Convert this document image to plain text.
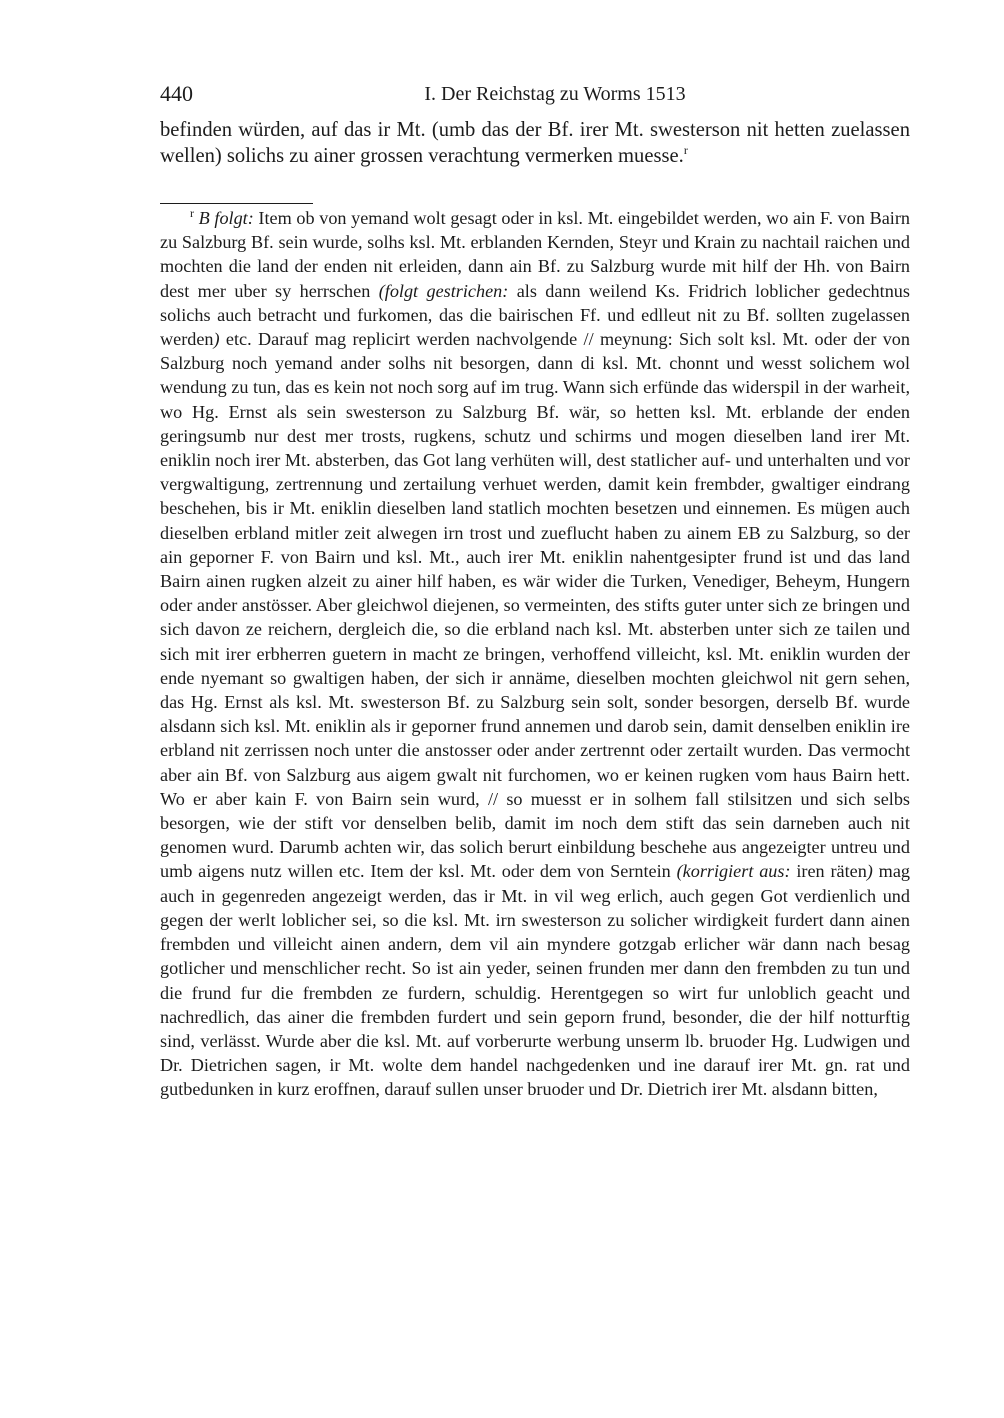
440	I. Der Reichstag zu Worms 1513

befinden würden, auf das ir Mt. (umb das der Bf. irer Mt. swesterson nit hetten zuelassen wellen) solichs zu ainer grossen verachtung vermerken muesse.$^r$

$^r$ B folgt: Item ob von yemand wolt gesagt oder in ksl. Mt. eingebildet werden, wo ain F. von Bairn zu Salzburg Bf. sein wurde, solhs ksl. Mt. erblanden Kernden, Steyr und Krain zu nachtail raichen und mochten die land der enden nit erleiden, dann ain Bf. zu Salzburg wurde mit hilf der Hh. von Bairn dest mer uber sy herrschen (folgt gestrichen: als dann weilend Ks. Fridrich loblicher gedechtnus solichs auch betracht und furkomen, das die bairischen Ff. und edlleut nit zu Bf. sollten zugelassen werden) etc. Darauf mag replicirt werden nachvolgende // meynung: Sich solt ksl. Mt. oder der von Salzburg noch yemand ander solhs nit besorgen, dann di ksl. Mt. chonnt und wesst solichem wol wendung zu tun, das es kein not noch sorg auf im trug. Wann sich erfünde das widerspil in der warheit, wo Hg. Ernst als sein swesterson zu Salzburg Bf. wär, so hetten ksl. Mt. erblande der enden geringsumb nur dest mer trosts, rugkens, schutz und schirms und mogen dieselben land irer Mt. eniklin noch irer Mt. absterben, das Got lang verhüten will, dest statlicher auf- und unterhalten und vor vergwaltigung, zertrennung und zertailung verhuet werden, damit kein frembder, gwaltiger eindrang beschehen, bis ir Mt. eniklin dieselben land statlich mochten besetzen und einnemen. Es mügen auch dieselben erbland mitler zeit alwegen irn trost und zueflucht haben zu ainem EB zu Salzburg, so der ain geporner F. von Bairn und ksl. Mt., auch irer Mt. eniklin nahentgesipter frund ist und das land Bairn ainen rugken alzeit zu ainer hilf haben, es wär wider die Turken, Venediger, Beheym, Hungern oder ander anstösser. Aber gleichwol diejenen, so vermeinten, des stifts guter unter sich ze bringen und sich davon ze reichern, dergleich die, so die erbland nach ksl. Mt. absterben unter sich ze tailen und sich mit irer erbherren guetern in macht ze bringen, verhoffend villeicht, ksl. Mt. eniklin wurden der ende nyemant so gwaltigen haben, der sich ir annäme, dieselben mochten gleichwol nit gern sehen, das Hg. Ernst als ksl. Mt. swesterson Bf. zu Salzburg sein solt, sonder besorgen, derselb Bf. wurde alsdann sich ksl. Mt. eniklin als ir geporner frund annemen und darob sein, damit denselben eniklin ire erbland nit zerrissen noch unter die anstosser oder ander zertrennt oder zertailt wurden. Das vermocht aber ain Bf. von Salzburg aus aigem gwalt nit furchomen, wo er keinen rugken vom haus Bairn hett. Wo er aber kain F. von Bairn sein wurd, // so muesst er in solhem fall stilsitzen und sich selbs besorgen, wie der stift vor denselben belib, damit im noch dem stift das sein darneben auch nit genomen wurd. Darumb achten wir, das solich berurt einbildung beschehe aus angezeigter untreu und umb aigens nutz willen etc. Item der ksl. Mt. oder dem von Serntein (korrigiert aus: iren räten) mag auch in gegenreden angezeigt werden, das ir Mt. in vil weg erlich, auch gegen Got verdienlich und gegen der werlt loblicher sei, so die ksl. Mt. irn swesterson zu solicher wirdigkeit furdert dann ainen frembden und villeicht ainen andern, dem vil ain myndere gotzgab erlicher wär dann nach besag gotlicher und menschlicher recht. So ist ain yeder, seinen frunden mer dann den frembden zu tun und die frund fur die frembden ze furdern, schuldig. Herentgegen so wirt fur unloblich geacht und nachredlich, das ainer die frembden furdert und sein geporn frund, besonder, die der hilf notturftig sind, verlässt. Wurde aber die ksl. Mt. auf vorberurte werbung unserm lb. bruoder Hg. Ludwigen und Dr. Dietrichen sagen, ir Mt. wolte dem handel nachgedenken und ine darauf irer Mt. gn. rat und gutbedunken in kurz eroffnen, darauf sullen unser bruoder und Dr. Dietrich irer Mt. alsdann bitten,
